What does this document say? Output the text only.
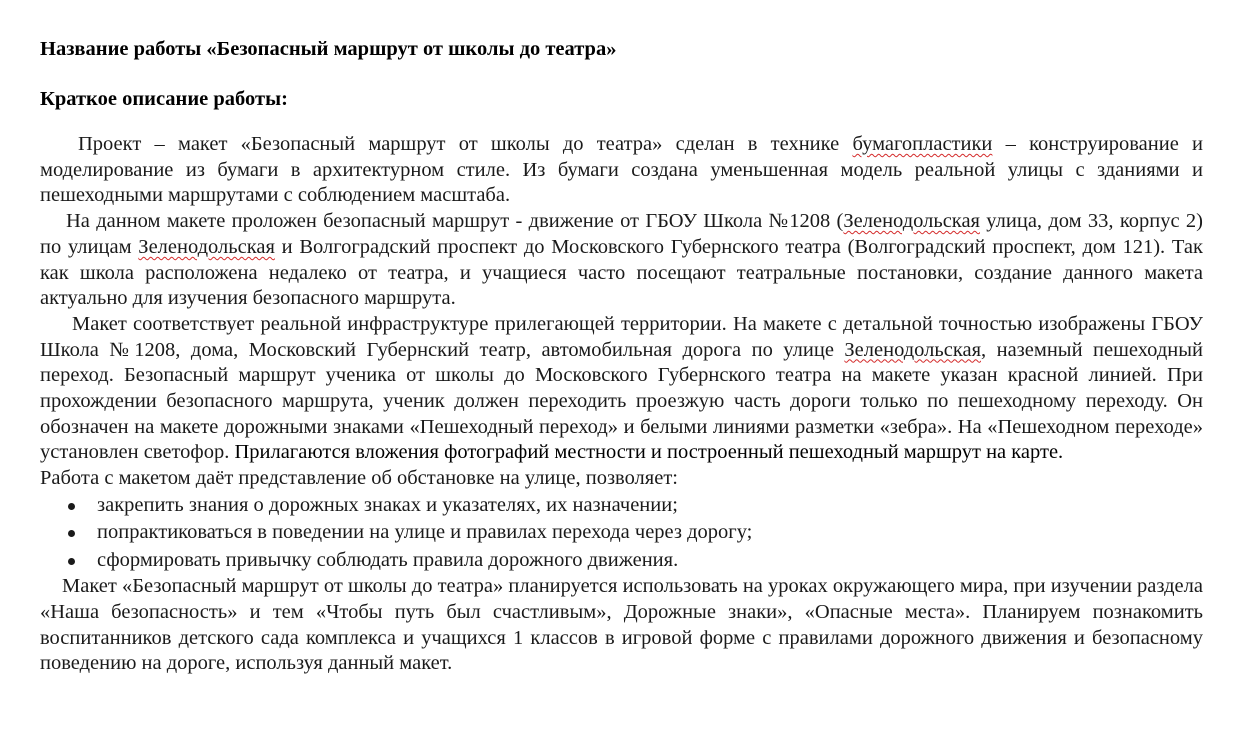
Название работы «Безопасный маршрут от школы до театра»

Краткое описание работы:

Проект – макет «Безопасный маршрут от школы до театра» сделан в технике бумагопластики – конструирование и моделирование из бумаги в архитектурном стиле. Из бумаги создана уменьшенная модель реальной улицы с зданиями и пешеходными маршрутами с соблюдением масштаба.

На данном макете проложен безопасный маршрут - движение от ГБОУ Школа №1208 (Зеленодольская улица, дом 33, корпус 2) по улицам Зеленодольская и Волгоградский проспект до Московского Губернского театра (Волгоградский проспект, дом 121). Так как школа расположена недалеко от театра, и учащиеся часто посещают театральные постановки, создание данного макета актуально для изучения безопасного маршрута.

Макет соответствует реальной инфраструктуре прилегающей территории. На макете с детальной точностью изображены ГБОУ Школа №1208, дома, Московский Губернский театр, автомобильная дорога по улице Зеленодольская, наземный пешеходный переход. Безопасный маршрут ученика от школы до Московского Губернского театра на макете указан красной линией. При прохождении безопасного маршрута, ученик должен переходить проезжую часть дороги только по пешеходному переходу. Он обозначен на макете дорожными знаками «Пешеходный переход» и белыми линиями разметки «зебра». На «Пешеходном переходе» установлен светофор. Прилагаются вложения фотографий местности и построенный пешеходный маршрут на карте.

Работа с макетом даёт представление об обстановке на улице, позволяет:

закрепить знания о дорожных знаках и указателях, их назначении;
попрактиковаться в поведении на улице и правилах перехода через дорогу;
сформировать привычку соблюдать правила дорожного движения.

Макет «Безопасный маршрут от школы до театра» планируется использовать на уроках окружающего мира, при изучении раздела «Наша безопасность» и тем «Чтобы путь был счастливым», Дорожные знаки», «Опасные места». Планируем познакомить воспитанников детского сада комплекса и учащихся 1 классов в игровой форме с правилами дорожного движения и безопасному поведению на дороге, используя данный макет.
